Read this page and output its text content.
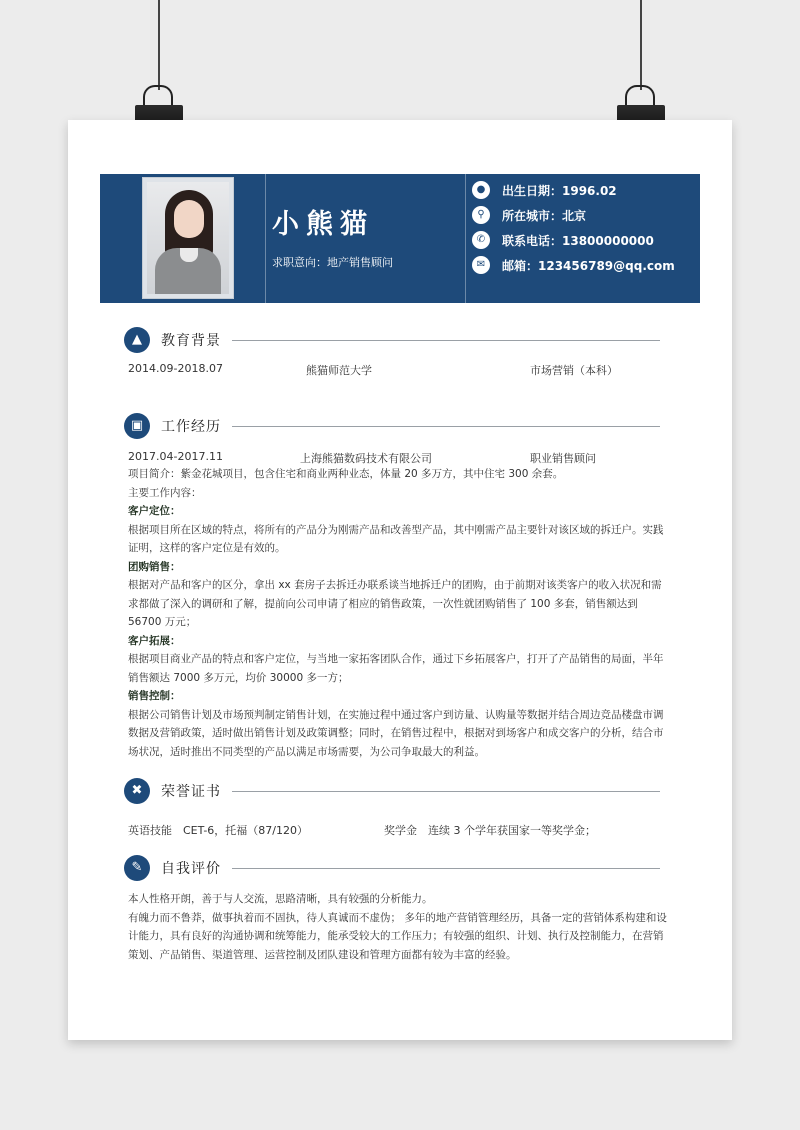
小熊猫
求职意向：地产销售顾问
●	出生日期：1996.02
⚲	所在城市：北京
✆	联系电话：13800000000
✉	邮箱：123456789@qq.com
▲	教育背景
2014.09-2018.07	熊猫师范大学	市场营销（本科）
▣	工作经历
2017.04-2017.11	上海熊猫数码技术有限公司	职业销售顾问
项目简介：紫金花城项目，包含住宅和商业两种业态，体量 20 多万方，其中住宅 300 余套。
主要工作内容：
客户定位：
根据项目所在区域的特点，将所有的产品分为刚需产品和改善型产品，其中刚需产品主要针对该区域的拆迁户。实践证明，这样的客户定位是有效的。
团购销售：
根据对产品和客户的区分，拿出 xx 套房子去拆迁办联系谈当地拆迁户的团购，由于前期对该类客户的收入状况和需求都做了深入的调研和了解，提前向公司申请了相应的销售政策，一次性就团购销售了 100 多套，销售额达到 56700 万元；
客户拓展：
根据项目商业产品的特点和客户定位，与当地一家拓客团队合作，通过下乡拓展客户，打开了产品销售的局面，半年销售额达 7000 多万元，均价 30000 多一方；
销售控制：
根据公司销售计划及市场预判制定销售计划，在实施过程中通过客户到访量、认购量等数据并结合周边竞品楼盘市调数据及营销政策，适时做出销售计划及政策调整；同时，在销售过程中，根据对到场客户和成交客户的分析，结合市场状况，适时推出不同类型的产品以满足市场需要，为公司争取最大的利益。
✖	荣誉证书
英语技能　CET-6，托福（87/120）	奖学金　连续 3 个学年获国家一等奖学金；
✎	自我评价
本人性格开朗，善于与人交流，思路清晰，具有较强的分析能力。
有魄力而不鲁莽，做事执着而不固执，待人真诚而不虚伪； 多年的地产营销管理经历，具备一定的营销体系构建和设计能力，具有良好的沟通协调和统筹能力，能承受较大的工作压力；有较强的组织、计划、执行及控制能力，在营销策划、产品销售、渠道管理、运营控制及团队建设和管理方面都有较为丰富的经验。
